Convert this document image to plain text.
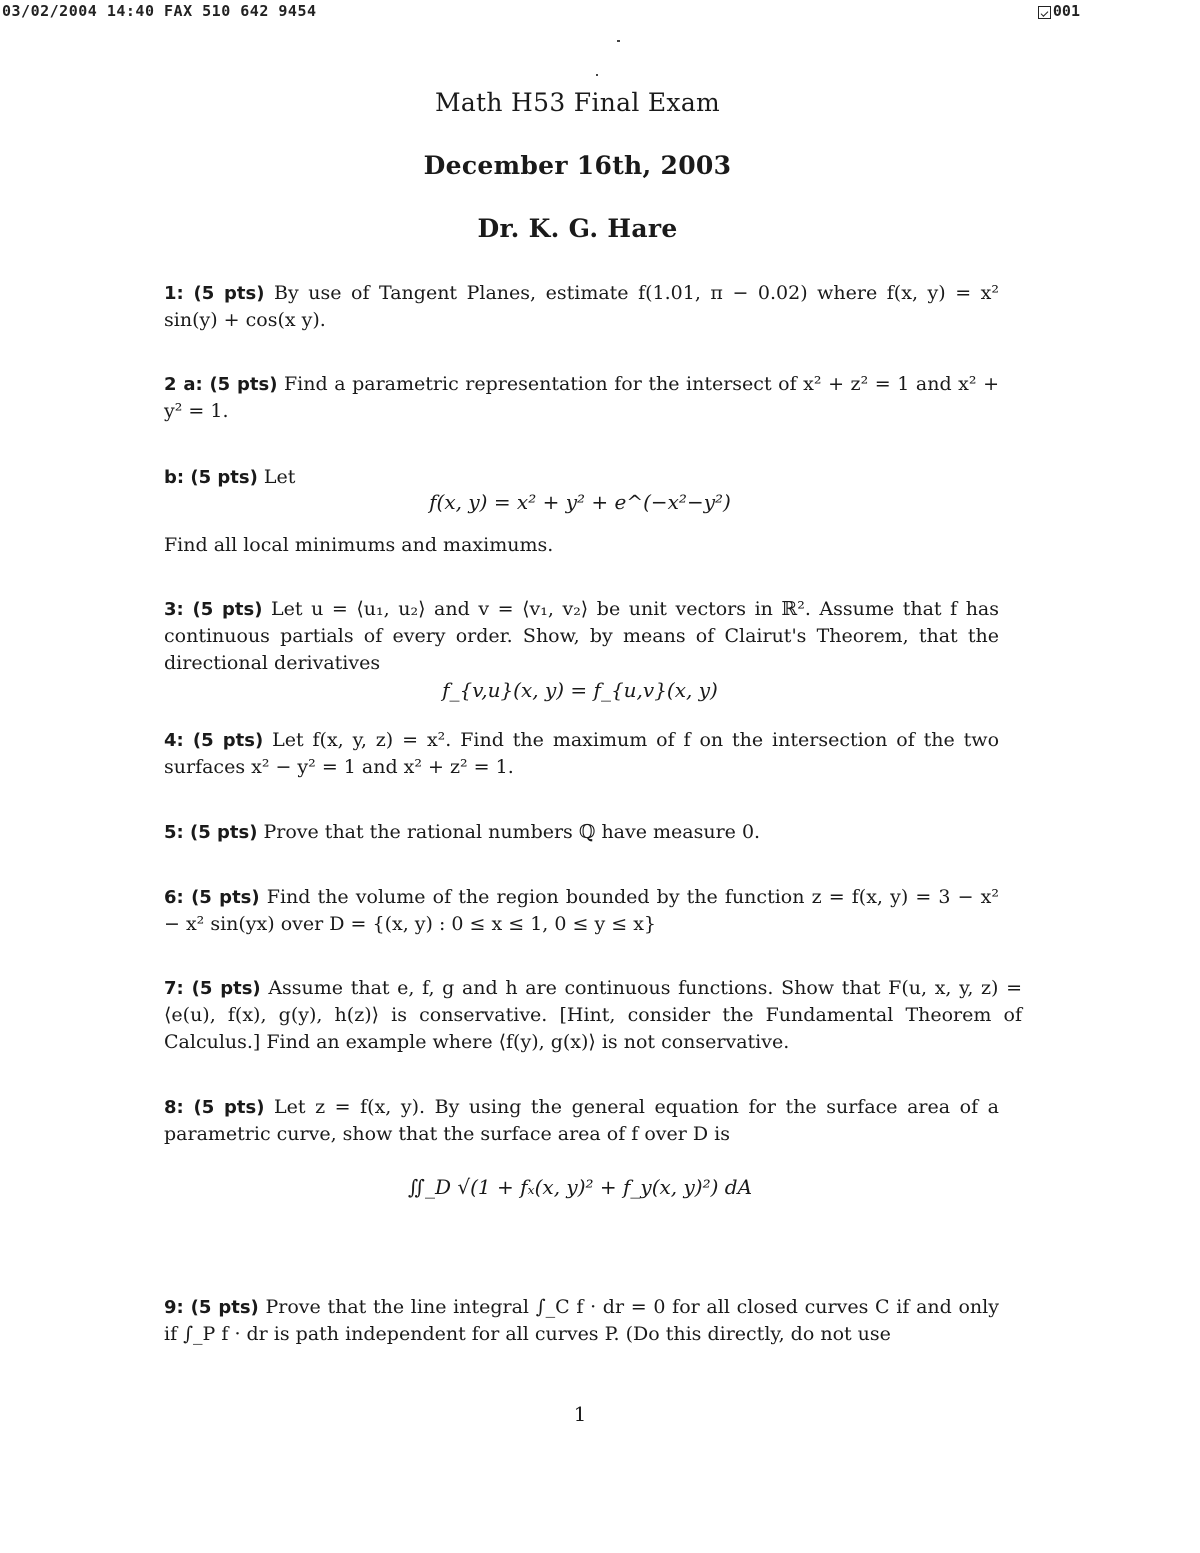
03/02/2004 14:40 FAX 510 642 9454	001
Math H53 Final Exam
December 16th, 2003
Dr. K. G. Hare
1: (5 pts) By use of Tangent Planes, estimate f(1.01, π − 0.02) where f(x, y) = x² sin(y) + cos(x y).
2 a: (5 pts) Find a parametric representation for the intersect of x² + z² = 1 and x² + y² = 1.
b: (5 pts) Let
f(x, y) = x² + y² + e^(−x²−y²)
Find all local minimums and maximums.
3: (5 pts) Let u = ⟨u₁, u₂⟩ and v = ⟨v₁, v₂⟩ be unit vectors in ℝ². Assume that f has continuous partials of every order. Show, by means of Clairut's Theorem, that the directional derivatives
f_{v,u}(x, y) = f_{u,v}(x, y)
4: (5 pts) Let f(x, y, z) = x². Find the maximum of f on the intersection of the two surfaces x² − y² = 1 and x² + z² = 1.
5: (5 pts) Prove that the rational numbers ℚ have measure 0.
6: (5 pts) Find the volume of the region bounded by the function z = f(x, y) = 3 − x² − x² sin(yx) over D = {(x, y) : 0 ≤ x ≤ 1, 0 ≤ y ≤ x}
7: (5 pts) Assume that e, f, g and h are continuous functions. Show that F(u, x, y, z) = ⟨e(u), f(x), g(y), h(z)⟩ is conservative. [Hint, consider the Fundamental Theorem of Calculus.] Find an example where ⟨f(y), g(x)⟩ is not conservative.
8: (5 pts) Let z = f(x, y). By using the general equation for the surface area of a parametric curve, show that the surface area of f over D is
∬_D √(1 + fₓ(x, y)² + f_y(x, y)²) dA
9: (5 pts) Prove that the line integral ∫_C f · dr = 0 for all closed curves C if and only if ∫_P f · dr is path independent for all curves P. (Do this directly, do not use
1
